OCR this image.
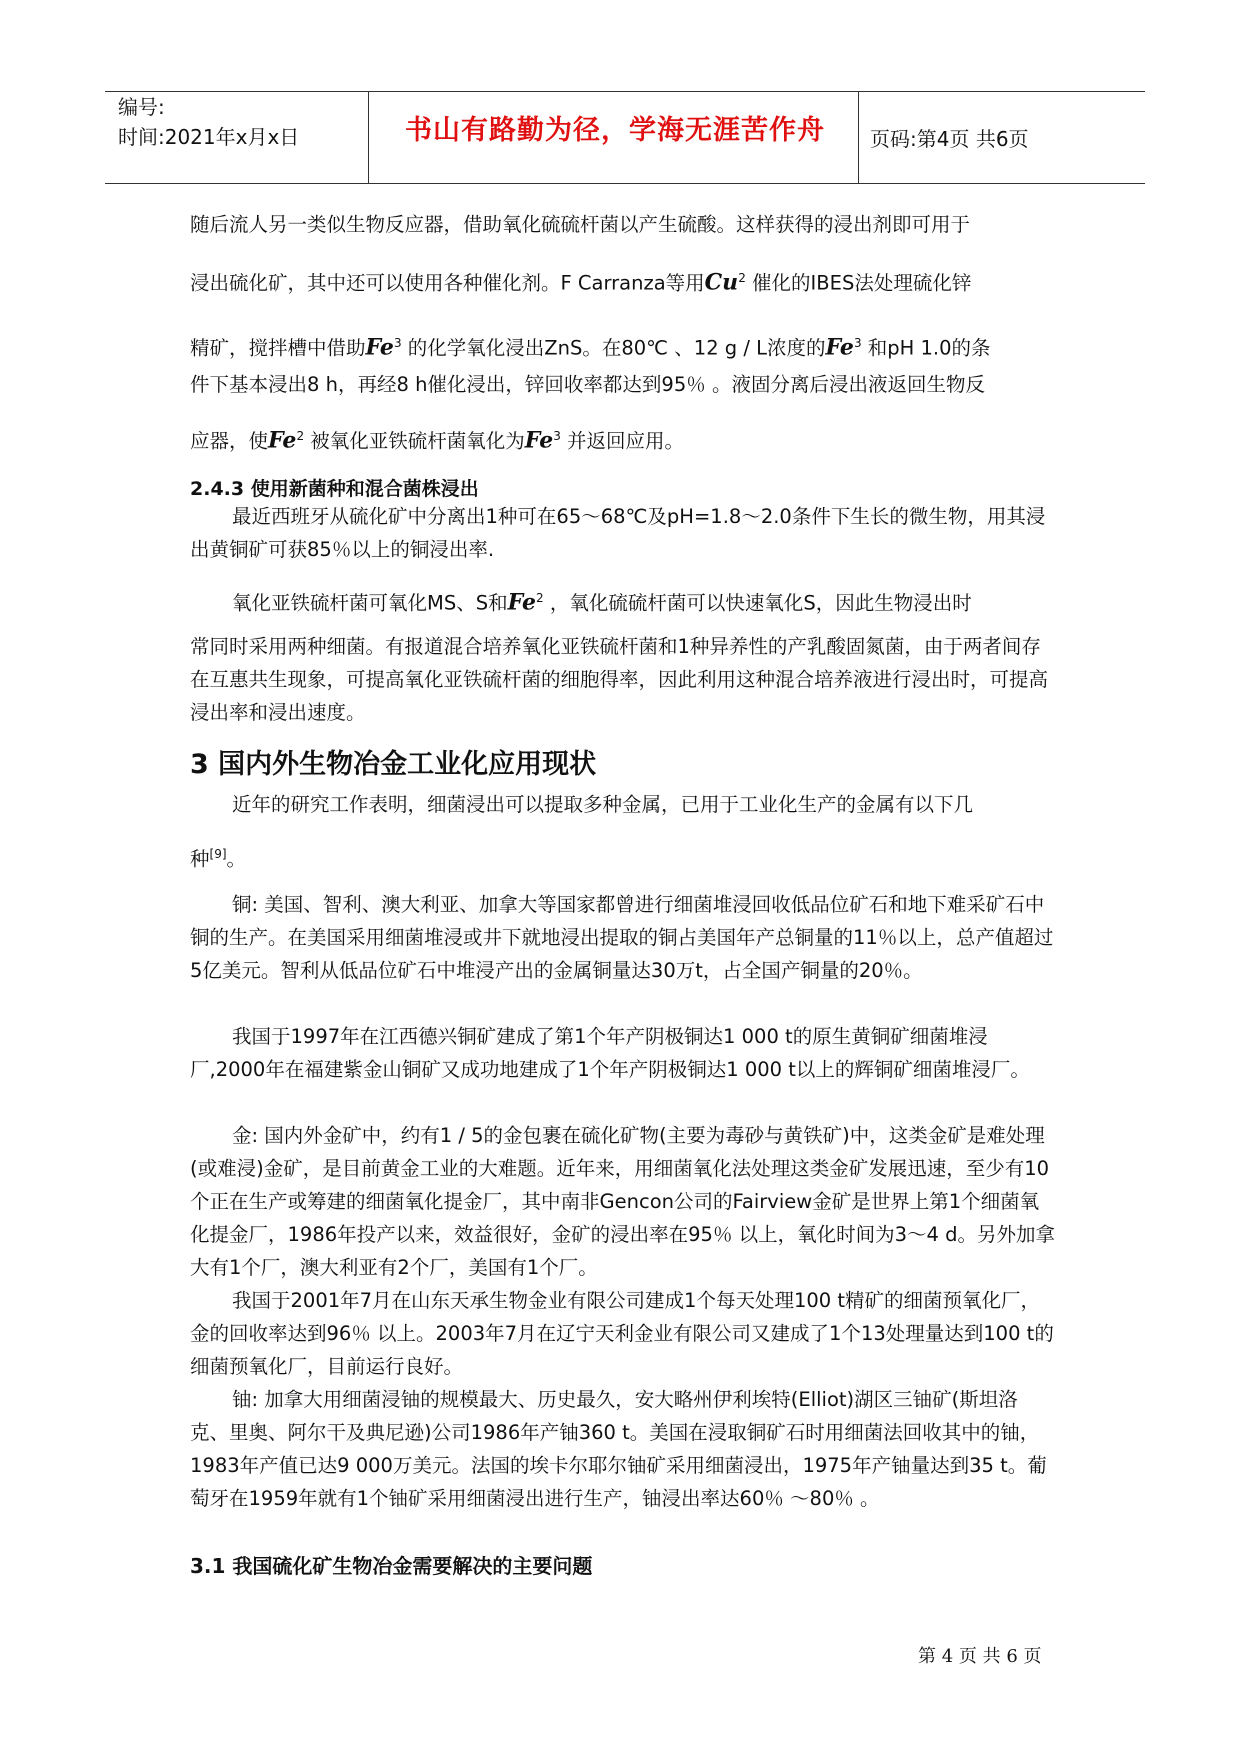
编号:
时间:2021年x月x日	书山有路勤为径，学海无涯苦作舟	页码:第4页 共6页
随后流人另一类似生物反应器，借助氧化硫硫杆菌以产生硫酸。这样获得的浸出剂即可用于
浸出硫化矿，其中还可以使用各种催化剂。F Carranza等用Cu$^2$ 催化的IBES法处理硫化锌
精矿，搅拌槽中借助Fe$^3$ 的化学氧化浸出ZnS。在80℃ 、12 g / L浓度的Fe$^3$ 和pH 1.0的条
件下基本浸出8 h，再经8 h催化浸出，锌回收率都达到95％ 。液固分离后浸出液返回生物反
应器，使Fe$^2$ 被氧化亚铁硫杆菌氧化为Fe$^3$ 并返回应用。
2.4.3 使用新菌种和混合菌株浸出
最近西班牙从硫化矿中分离出1种可在65～68℃及pH=1.8～2.0条件下生长的微生物，用其浸出黄铜矿可获85％以上的铜浸出率.
氧化亚铁硫杆菌可氧化MS、S和Fe$^2$ ，氧化硫硫杆菌可以快速氧化S，因此生物浸出时
常同时采用两种细菌。有报道混合培养氧化亚铁硫杆菌和1种异养性的产乳酸固氮菌，由于两者间存在互惠共生现象，可提高氧化亚铁硫杆菌的细胞得率，因此利用这种混合培养液进行浸出时，可提高浸出率和浸出速度。
3 国内外生物冶金工业化应用现状
近年的研究工作表明，细菌浸出可以提取多种金属，已用于工业化生产的金属有以下几
种[9]。
铜: 美国、智利、澳大利亚、加拿大等国家都曾进行细菌堆浸回收低品位矿石和地下难采矿石中铜的生产。在美国采用细菌堆浸或井下就地浸出提取的铜占美国年产总铜量的11％以上，总产值超过5亿美元。智利从低品位矿石中堆浸产出的金属铜量达30万t，占全国产铜量的20％。
我国于1997年在江西德兴铜矿建成了第1个年产阴极铜达1 000 t的原生黄铜矿细菌堆浸厂,2000年在福建紫金山铜矿又成功地建成了1个年产阴极铜达1 000 t以上的辉铜矿细菌堆浸厂。
金: 国内外金矿中，约有1 / 5的金包裹在硫化矿物(主要为毒砂与黄铁矿)中，这类金矿是难处理(或难浸)金矿，是目前黄金工业的大难题。近年来，用细菌氧化法处理这类金矿发展迅速，至少有10个正在生产或筹建的细菌氧化提金厂，其中南非Gencon公司的Fairview金矿是世界上第1个细菌氧化提金厂，1986年投产以来，效益很好，金矿的浸出率在95％ 以上，氧化时间为3～4 d。另外加拿大有1个厂，澳大利亚有2个厂，美国有1个厂。
我国于2001年7月在山东天承生物金业有限公司建成1个每天处理100 t精矿的细菌预氧化厂，金的回收率达到96％ 以上。2003年7月在辽宁天利金业有限公司又建成了1个13处理量达到100 t的细菌预氧化厂，目前运行良好。
铀: 加拿大用细菌浸铀的规模最大、历史最久，安大略州伊利埃特(Elliot)湖区三铀矿(斯坦洛克、里奥、阿尔干及典尼逊)公司1986年产铀360 t。美国在浸取铜矿石时用细菌法回收其中的铀，1983年产值已达9 000万美元。法国的埃卡尔耶尔铀矿采用细菌浸出，1975年产铀量达到35 t。葡萄牙在1959年就有1个铀矿采用细菌浸出进行生产，铀浸出率达60％ ～80％ 。
3.1 我国硫化矿生物冶金需要解决的主要问题
第 4 页 共 6 页
